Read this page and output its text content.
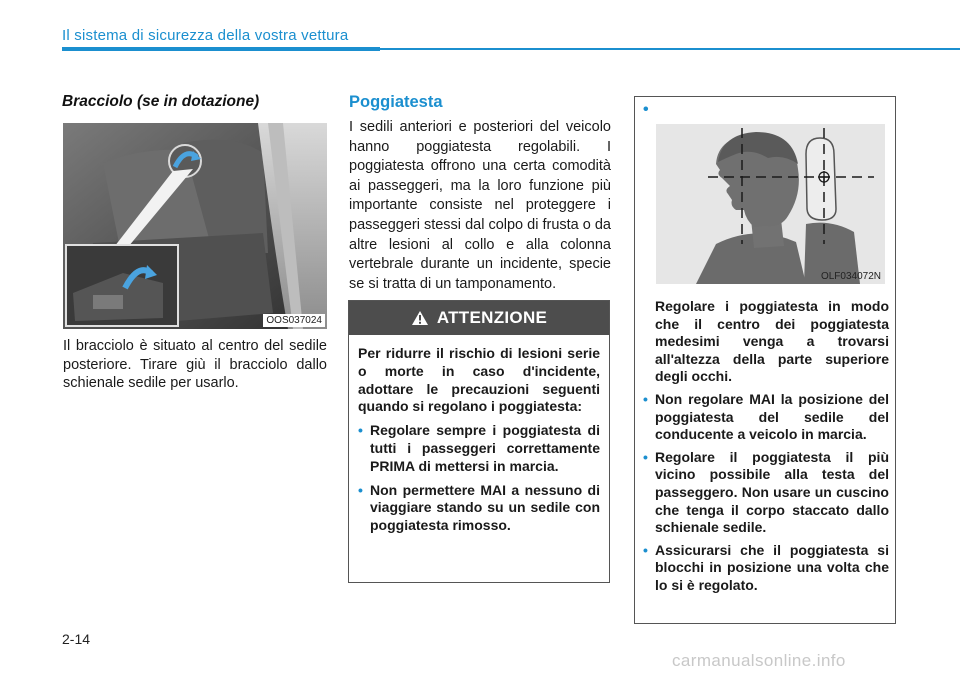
Il sistema di sicurezza della vostra vettura
Bracciolo (se in dotazione)
OOS037024
Il bracciolo è situato al centro del sedile posteriore. Tirare giù il bracciolo dallo schienale sedile per usarlo.
Poggiatesta
I sedili anteriori e posteriori del veicolo hanno poggiatesta regolabili. I poggiatesta offrono una certa comodità ai passeggeri, ma la loro funzione più importante consiste nel proteggere i passeggeri stessi dal colpo di frusta o da altre lesioni al collo e alla colonna vertebrale durante un incidente, specie se si tratta di un tamponamento.
ATTENZIONE
Per ridurre il rischio di lesioni serie o morte in caso d'incidente, adottare le precauzioni seguenti quando si regolano i poggiatesta:
• Regolare sempre i poggiatesta di tutti i passeggeri correttamente PRIMA di mettersi in marcia.
• Non permettere MAI a nessuno di viaggiare stando su un sedile con poggiatesta rimosso.
•
OLF034072N
Regolare i poggiatesta in modo che il centro dei poggiatesta medesimi venga a trovarsi all'altezza della parte superiore degli occhi.
• Non regolare MAI la posizione del poggiatesta del sedile del conducente a veicolo in marcia.
• Regolare il poggiatesta il più vicino possibile alla testa del passeggero. Non usare un cuscino che tenga il corpo staccato dallo schienale sedile.
• Assicurarsi che il poggiatesta si blocchi in posizione una volta che lo si è regolato.
2-14
carmanualsonline.info
